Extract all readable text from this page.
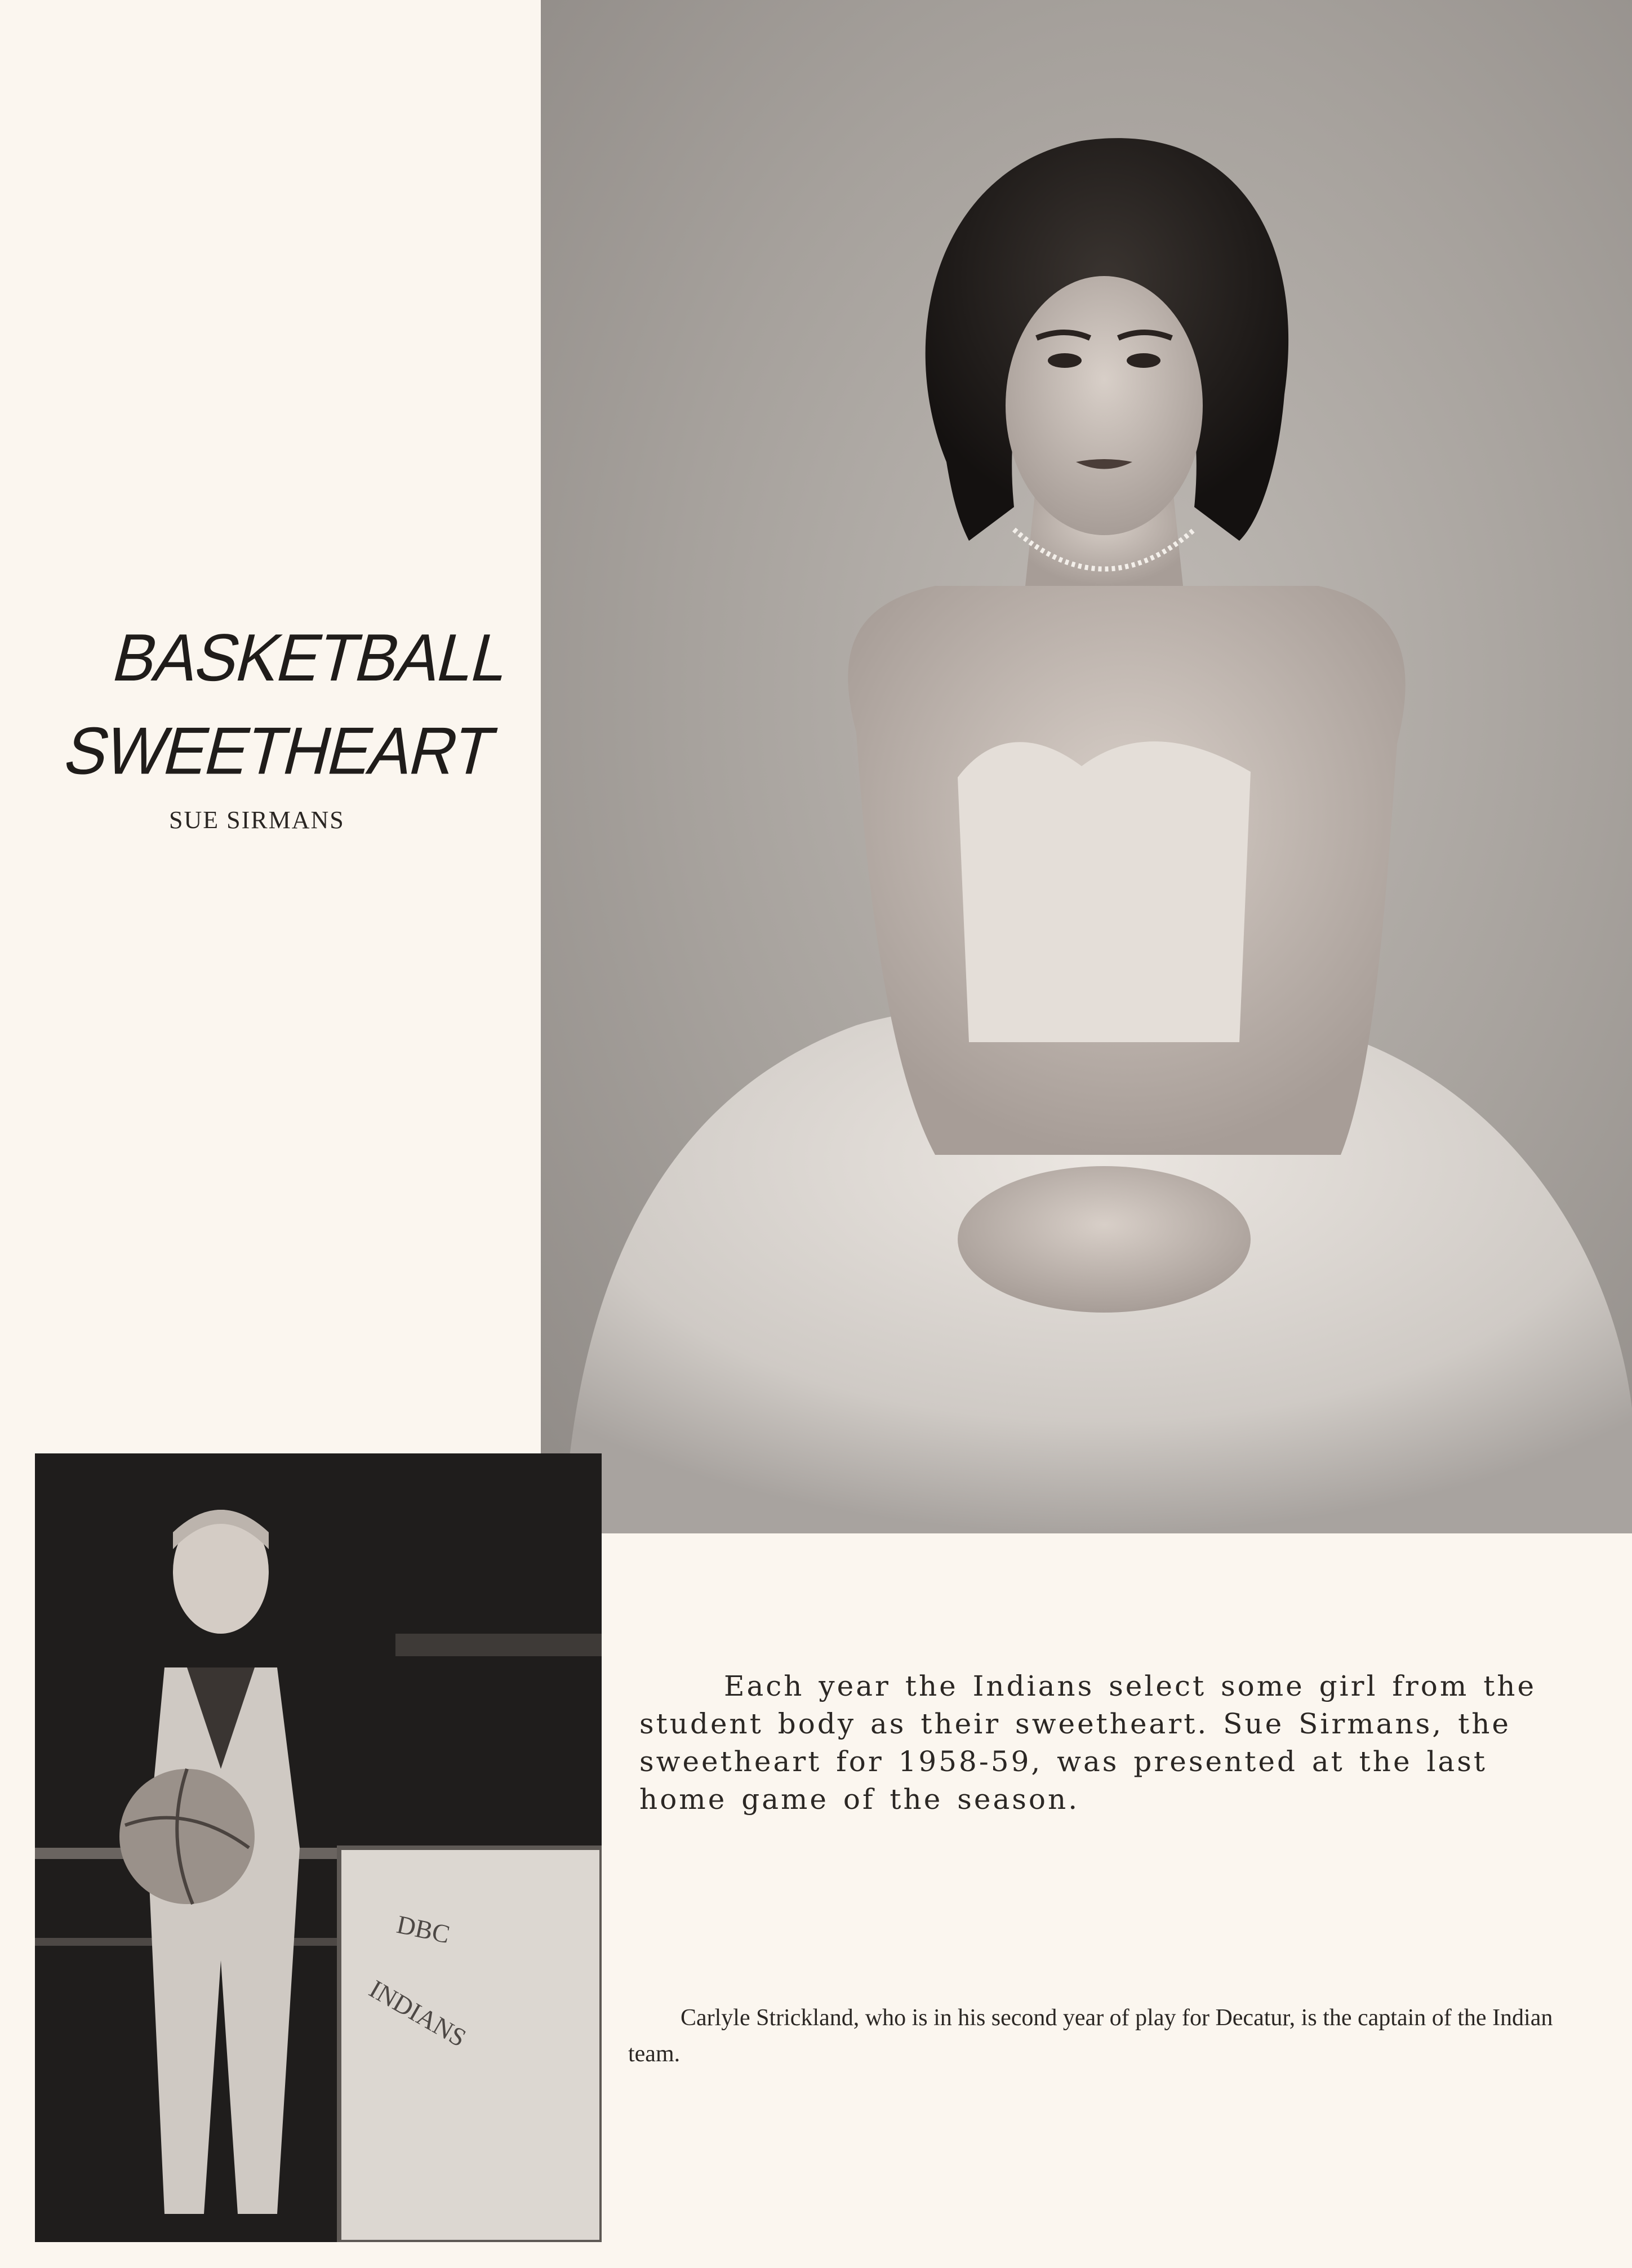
BASKETBALL
SWEETHEART
SUE SIRMANS
DBC
INDIANS

Each year the Indians select some girl from the student body as their sweetheart. Sue Sirmans, the sweetheart for 1958-59, was presented at the last home game of the season.

Carlyle Strickland, who is in his second year of play for Decatur, is the captain of the Indian team.
